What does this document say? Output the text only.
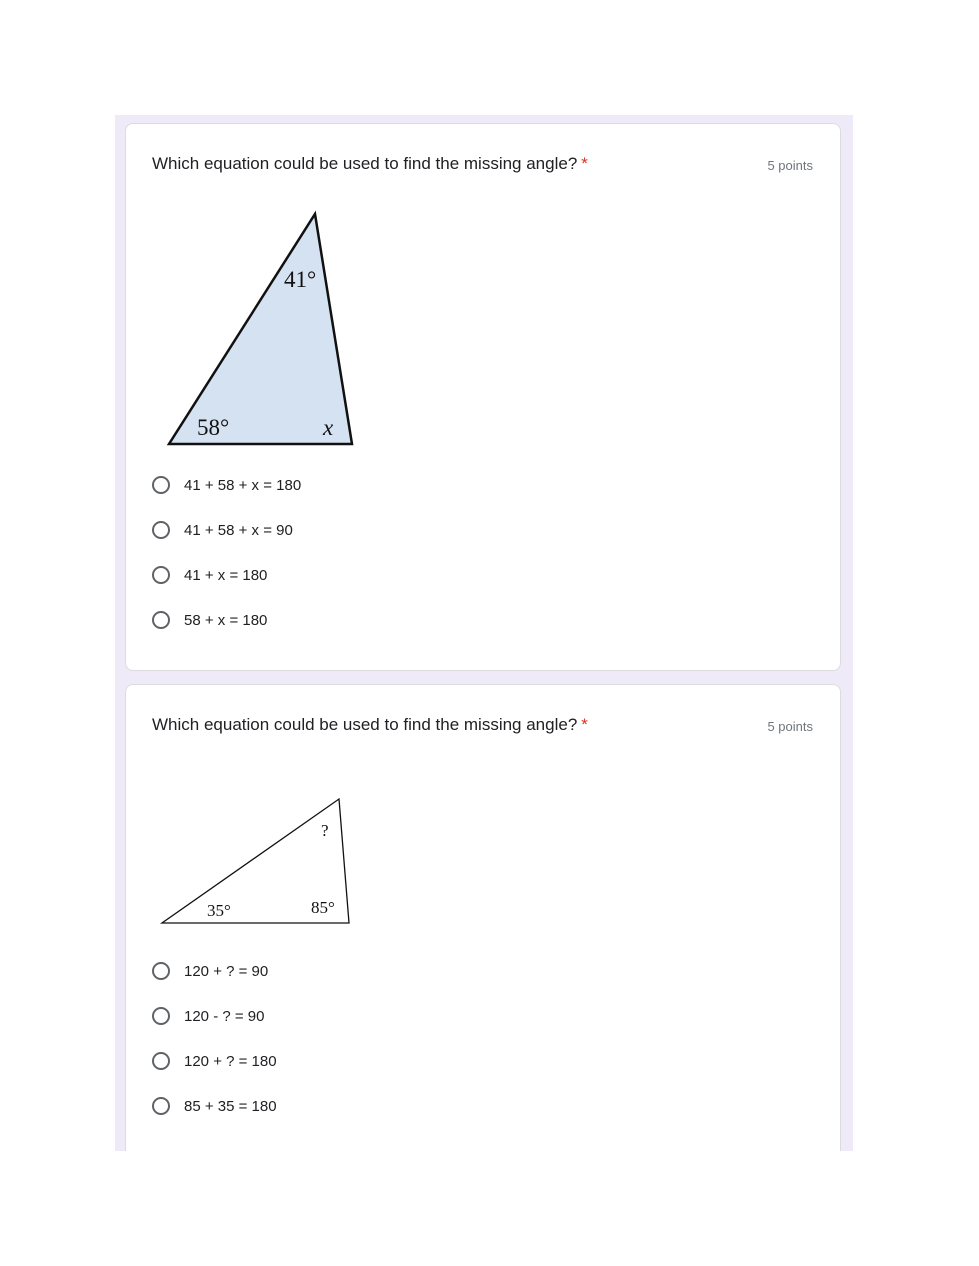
Which equation could be used to find the missing angle? *	5 points
41 + 58 + x = 180
41 + 58 + x = 90
41 + x = 180
58 + x = 180
Which equation could be used to find the missing angle? *	5 points
120 + ? = 90
120 - ? = 90
120 + ? = 180
85 + 35 = 180
41°
58°	x
?
35°	85°
